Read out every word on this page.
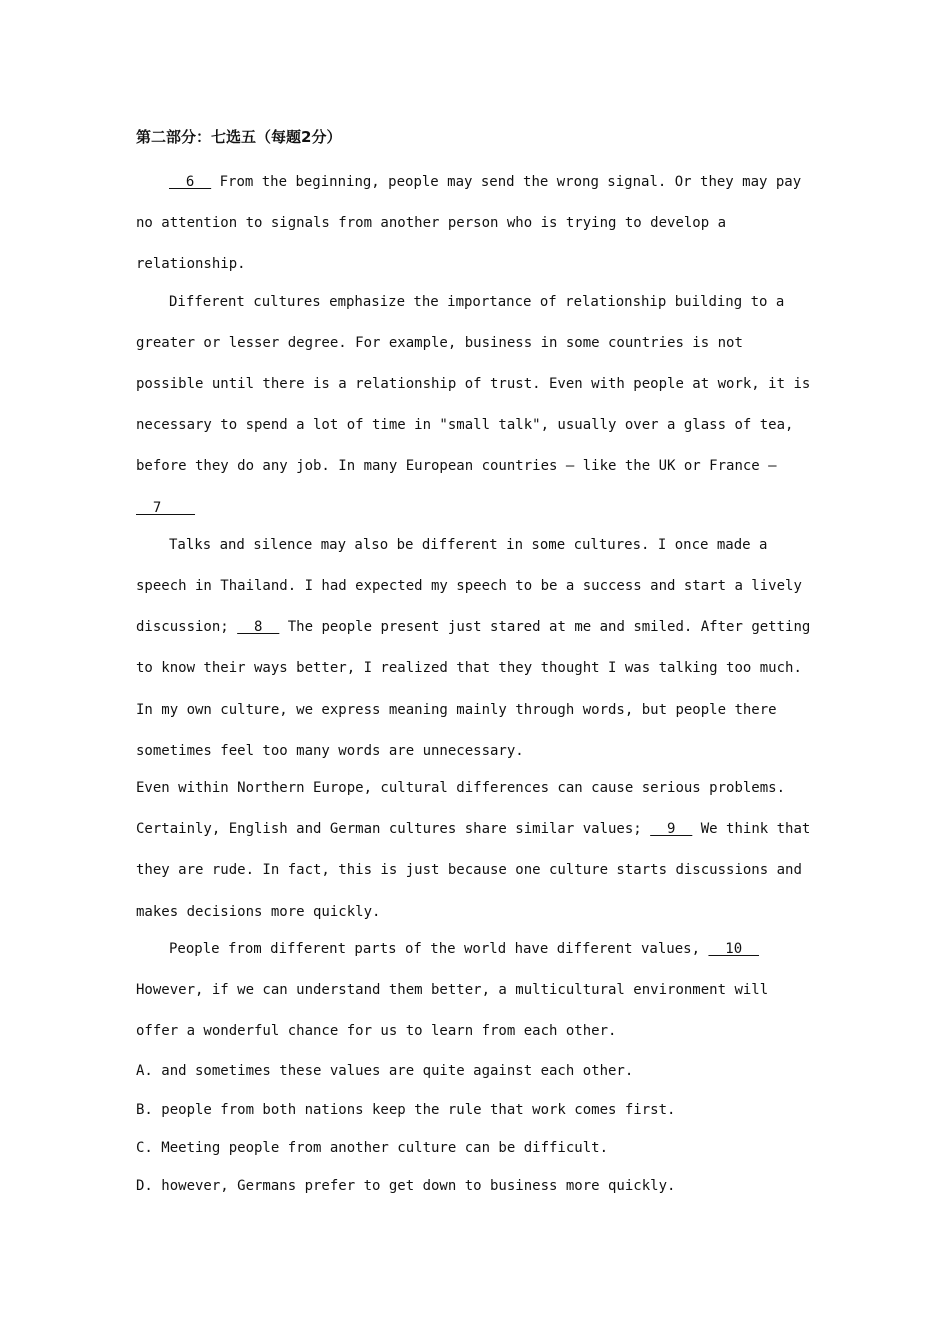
第二部分：七选五（每题2分）

6   From the beginning, people may send the wrong signal. Or they may pay no attention to signals from another person who is trying to develop a relationship.

Different cultures emphasize the importance of relationship building to a greater or lesser degree. For example, business in some countries is not possible until there is a relationship of trust. Even with people at work, it is necessary to spend a lot of time in "small talk", usually over a glass of tea, before they do any job. In many European countries — like the UK or France —  7

Talks and silence may also be different in some cultures. I once made a speech in Thailand. I had expected my speech to be a success and start a lively discussion;   8   The people present just stared at me and smiled. After getting to know their ways better, I realized that they thought I was talking too much. In my own culture, we express meaning mainly through words, but people there sometimes feel too many words are unnecessary.

Even within Northern Europe, cultural differences can cause serious problems. Certainly, English and German cultures share similar values;   9   We think that they are rude. In fact, this is just because one culture starts discussions and makes decisions more quickly.

People from different parts of the world have different values,   10   However, if we can understand them better, a multicultural environment will offer a wonderful chance for us to learn from each other.

A. and sometimes these values are quite against each other.

B. people from both nations keep the rule that work comes first.

C. Meeting people from another culture can be difficult.

D. however, Germans prefer to get down to business more quickly.
